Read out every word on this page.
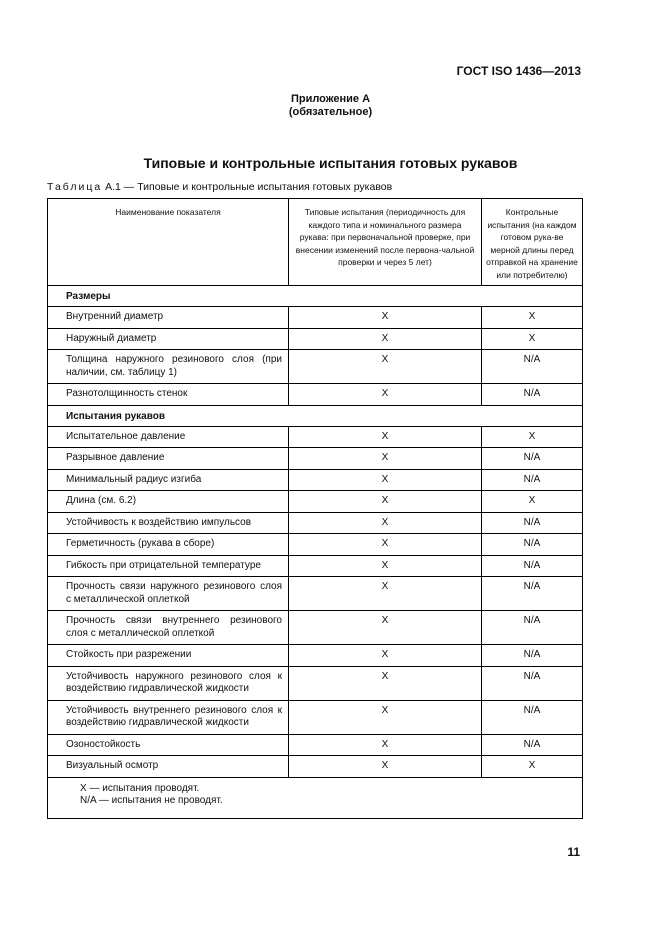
ГОСТ ISO 1436—2013
Приложение А
(обязательное)
Типовые и контрольные испытания готовых рукавов
Таблица А.1 — Типовые и контрольные испытания готовых рукавов
Наименование показателя	Типовые испытания (периодичность для каждого типа и номинального размера рукава: при первоначальной проверке, при внесении изменений после первона-чальной проверки и через 5 лет)	Контрольные испытания (на каждом готовом рука-ве мерной длины перед отправкой на хранение или потребителю)
Размеры		
Внутренний диаметр	X	X
Наружный диаметр	X	X
Толщина наружного резинового слоя (при наличии, см. таблицу 1)	X	N/A
Разнотолщинность стенок	X	N/A
Испытания рукавов		
Испытательное давление	X	X
Разрывное давление	X	N/A
Минимальный радиус изгиба	X	N/A
Длина (см. 6.2)	X	X
Устойчивость к воздействию импульсов	X	N/A
Герметичность (рукава в сборе)	X	N/A
Гибкость при отрицательной температуре	X	N/A
Прочность связи наружного резинового слоя с металлической оплеткой	X	N/A
Прочность связи внутреннего резинового слоя с металлической оплеткой	X	N/A
Стойкость при разрежении	X	N/A
Устойчивость наружного резинового слоя к воздействию гидравлической жидкости	X	N/A
Устойчивость внутреннего резинового слоя к воздействию гидравлической жидкости	X	N/A
Озоностойкость	X	N/A
Визуальный осмотр	X	X

X — испытания проводят.
N/A — испытания не проводят.		
11
